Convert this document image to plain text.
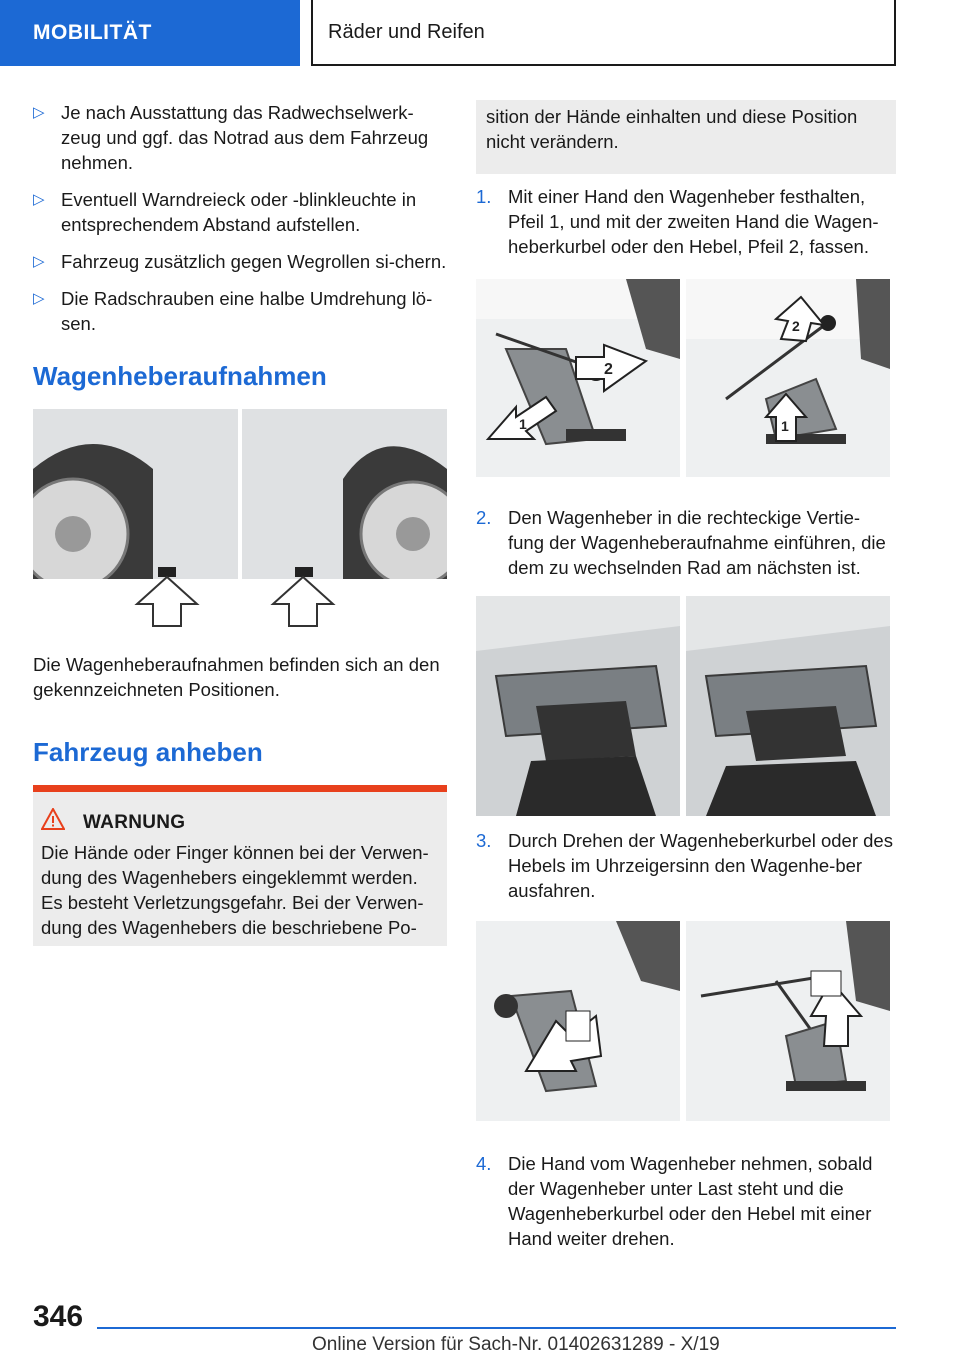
MOBILITÄT	Räder und Reifen
▷ Je nach Ausstattung das Radwechselwerk-zeug und ggf. das Notrad aus dem Fahrzeug nehmen.
▷ Eventuell Warndreieck oder -blinkleuchte in entsprechendem Abstand aufstellen.
▷ Fahrzeug zusätzlich gegen Wegrollen si-chern.
▷ Die Radschrauben eine halbe Umdrehung lö-sen.
Wagenheberaufnahmen

Die Wagenheberaufnahmen befinden sich an den gekennzeichneten Positionen.

Fahrzeug anheben
WARNUNG
Die Hände oder Finger können bei der Verwen-dung des Wagenhebers eingeklemmt werden. Es besteht Verletzungsgefahr. Bei der Verwen-dung des Wagenhebers die beschriebene Po-
sition der Hände einhalten und diese Position nicht verändern.
1. Mit einer Hand den Wagenheber festhalten, Pfeil 1, und mit der zweiten Hand die Wagen-heberkurbel oder den Hebel, Pfeil 2, fassen.
1
2
2
1
2. Den Wagenheber in die rechteckige Vertie-fung der Wagenheberaufnahme einführen, die dem zu wechselnden Rad am nächsten ist.
3. Durch Drehen der Wagenheberkurbel oder des Hebels im Uhrzeigersinn den Wagenhe-ber ausfahren.
4. Die Hand vom Wagenheber nehmen, sobald der Wagenheber unter Last steht und die Wagenheberkurbel oder den Hebel mit einer Hand weiter drehen.
346
Online Version für Sach-Nr. 01402631289 - X/19
